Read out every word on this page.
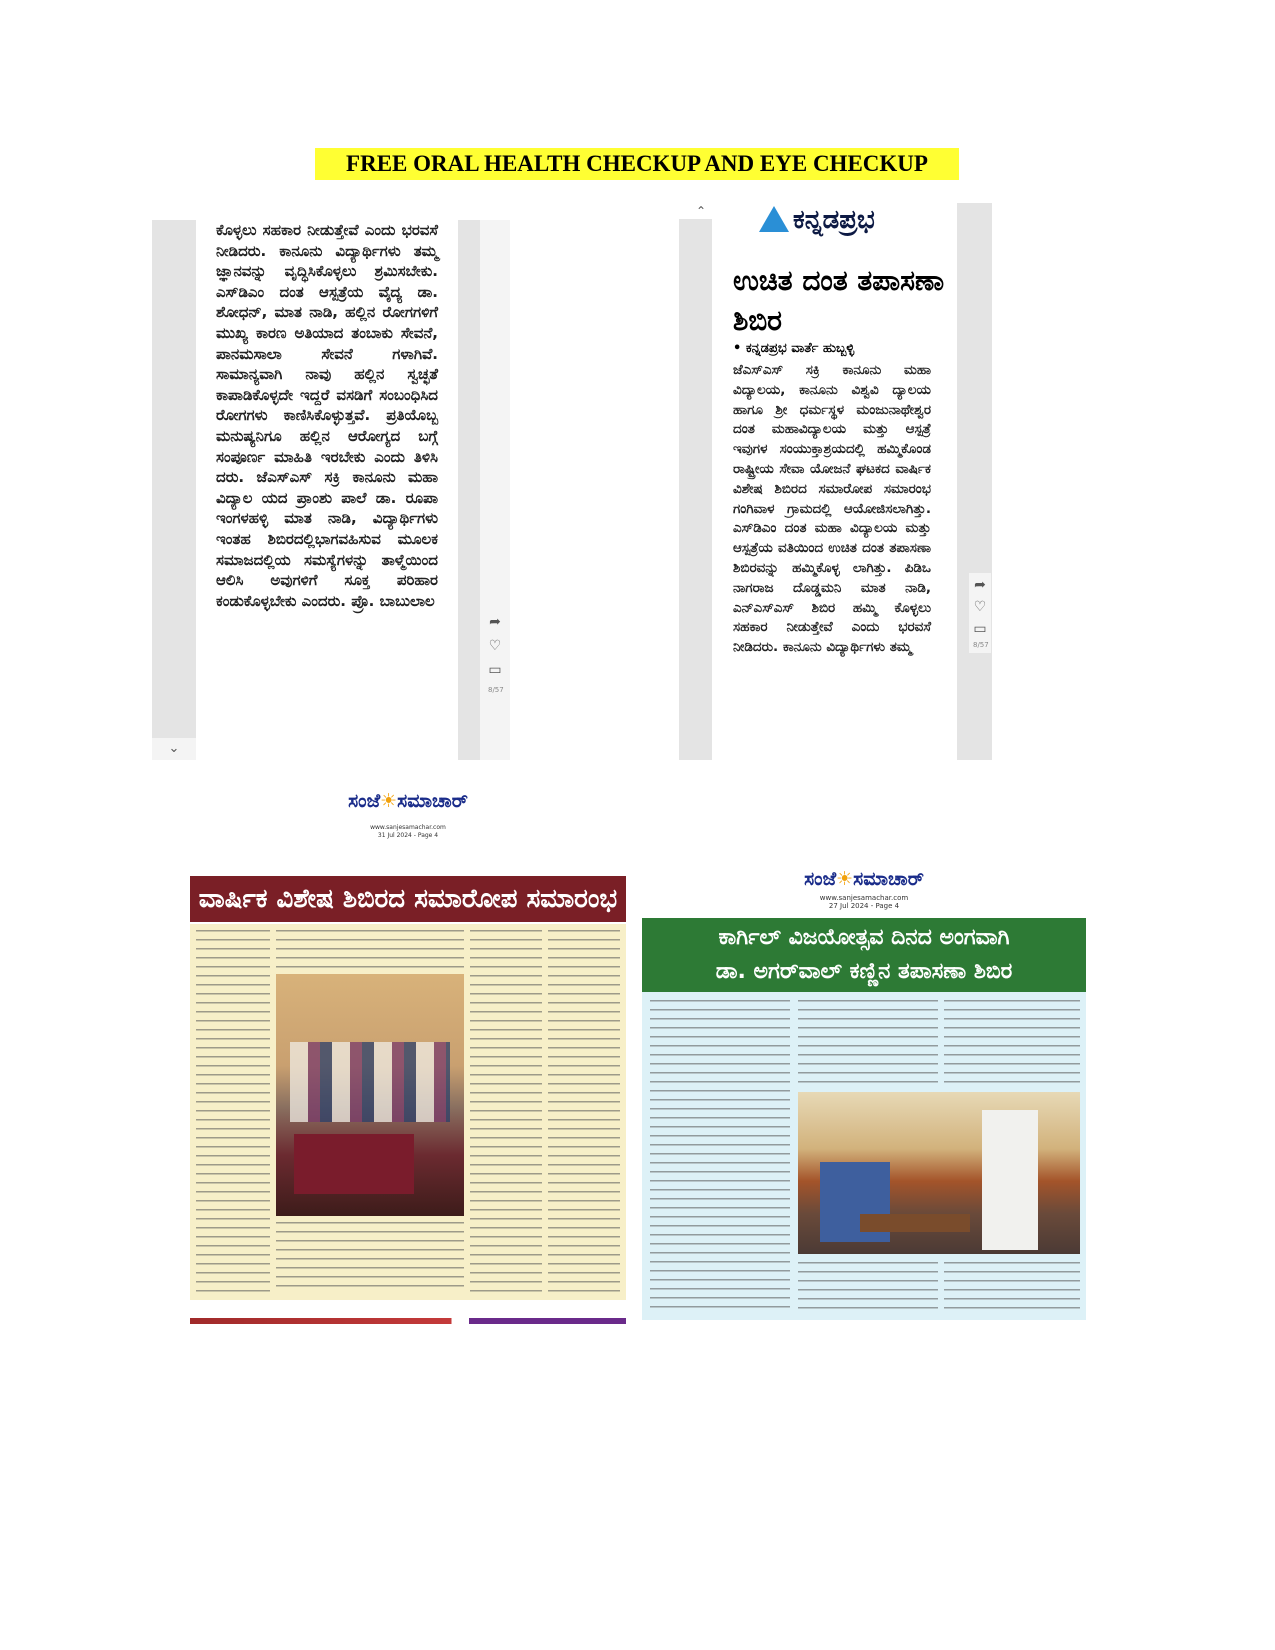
FREE ORAL HEALTH CHECKUP AND EYE CHECKUP
ಕೊಳ್ಳಲು ಸಹಕಾರ ನೀಡುತ್ತೇವೆ ಎಂದು ಭರವಸೆ ನೀಡಿದರು. ಕಾನೂನು ವಿದ್ಯಾರ್ಥಿಗಳು ತಮ್ಮ ಜ್ಞಾನವನ್ನು ವೃದ್ಧಿಸಿಕೊಳ್ಳಲು ಶ್ರಮಿಸಬೇಕು. ಎಸ್‌ಡಿಎಂ ದಂತ ಆಸ್ಪತ್ರೆಯ ವೈದ್ಯ ಡಾ. ಶೋಧನ್, ಮಾತ ನಾಡಿ, ಹಲ್ಲಿನ ರೋಗಗಳಿಗೆ ಮುಖ್ಯ ಕಾರಣ ಅತಿಯಾದ ತಂಬಾಕು ಸೇವನೆ, ಪಾನಮಸಾಲಾ ಸೇವನೆ ಗಳಾಗಿವೆ. ಸಾಮಾನ್ಯವಾಗಿ ನಾವು ಹಲ್ಲಿನ ಸ್ವಚ್ಛತೆ ಕಾಪಾಡಿಕೊಳ್ಳದೇ ಇದ್ದರೆ ವಸಡಿಗೆ ಸಂಬಂಧಿಸಿದ ರೋಗಗಳು ಕಾಣಿಸಿಕೊಳ್ಳುತ್ತವೆ. ಪ್ರತಿಯೊಬ್ಬ ಮನುಷ್ಯನಿಗೂ ಹಲ್ಲಿನ ಆರೋಗ್ಯದ ಬಗ್ಗೆ ಸಂಪೂರ್ಣ ಮಾಹಿತಿ ಇರಬೇಕು ಎಂದು ತಿಳಿಸಿ ದರು. ಜೆಎಸ್‌ಎಸ್ ಸಕ್ರಿ ಕಾನೂನು ಮಹಾ ವಿದ್ಯಾಲ ಯದ ಪ್ರಾಂಶು ಪಾಲೆ ಡಾ. ರೂಪಾ ಇಂಗಳಹಳ್ಳಿ ಮಾತ ನಾಡಿ, ವಿದ್ಯಾರ್ಥಿಗಳು ಇಂತಹ ಶಿಬಿರದಲ್ಲಿಭಾಗವಹಿಸುವ ಮೂಲಕ ಸಮಾಜದಲ್ಲಿಯ ಸಮಸ್ಯೆಗಳನ್ನು ತಾಳ್ಮೆಯಿಂದ ಆಲಿಸಿ ಅವುಗಳಿಗೆ ಸೂಕ್ತ ಪರಿಹಾರ ಕಂಡುಕೊಳ್ಳಬೇಕು ಎಂದರು. ಪ್ರೊ. ಬಾಬುಲಾಲ
➦
♡
▭
8/57
⌄
⌃	ಕನ್ನಡಪ್ರಭ
ಉಚಿತ ದಂತ ತಪಾಸಣಾ ಶಿಬಿರ
• ಕನ್ನಡಪ್ರಭ ವಾರ್ತೆ ಹುಬ್ಬಳ್ಳಿ
ಜೆಎಸ್‌ಎಸ್ ಸಕ್ರಿ ಕಾನೂನು ಮಹಾ ವಿದ್ಯಾಲಯ, ಕಾನೂನು ವಿಶ್ವವಿ ದ್ಯಾಲಯ ಹಾಗೂ ಶ್ರೀ ಧರ್ಮಸ್ಥಳ ಮಂಜುನಾಥೇಶ್ವರ ದಂತ ಮಹಾವಿದ್ಯಾಲಯ ಮತ್ತು ಆಸ್ಪತ್ರೆ ಇವುಗಳ ಸಂಯುಕ್ತಾಶ್ರಯದಲ್ಲಿ ಹಮ್ಮಿಕೊಂಡ ರಾಷ್ಟ್ರೀಯ ಸೇವಾ ಯೋಜನೆ ಘಟಕದ ವಾರ್ಷಿಕ ವಿಶೇಷ ಶಿಬಿರದ ಸಮಾರೋಪ ಸಮಾರಂಭ ಗಂಗಿವಾಳ ಗ್ರಾಮದಲ್ಲಿ ಆಯೋಜಿಸಲಾಗಿತ್ತು. ಎಸ್‌ಡಿಎಂ ದಂತ ಮಹಾ ವಿದ್ಯಾಲಯ ಮತ್ತು ಆಸ್ಪತ್ರೆಯ ವತಿಯಿಂದ ಉಚಿತ ದಂತ ತಪಾಸಣಾ ಶಿಬಿರವನ್ನು ಹಮ್ಮಿಕೊಳ್ಳ ಲಾಗಿತ್ತು. ಪಿಡಿಒ ನಾಗರಾಜ ದೊಡ್ಡಮನಿ ಮಾತ ನಾಡಿ, ಎನ್‌ಎಸ್‌ಎಸ್ ಶಿಬಿರ ಹಮ್ಮಿ ಕೊಳ್ಳಲು ಸಹಕಾರ ನೀಡುತ್ತೇವೆ ಎಂದು ಭರವಸೆ ನೀಡಿದರು. ಕಾನೂನು ವಿದ್ಯಾರ್ಥಿಗಳು ತಮ್ಮ
➦
♡
▭
8/57
ಸಂಜೆ☀ಸಮಾಚಾರ್
www.sanjesamachar.com
31 Jul 2024 - Page 4
ವಾರ್ಷಿಕ ವಿಶೇಷ ಶಿಬಿರದ ಸಮಾರೋಪ ಸಮಾರಂಭ
ಸಂಜೆ☀ಸಮಾಚಾರ್
www.sanjesamachar.com
27 Jul 2024 - Page 4
ಕಾರ್ಗಿಲ್ ವಿಜಯೋತ್ಸವ ದಿನದ ಅಂಗವಾಗಿ
ಡಾ. ಅಗರ್‌ವಾಲ್ ಕಣ್ಣಿನ ತಪಾಸಣಾ ಶಿಬಿರ
